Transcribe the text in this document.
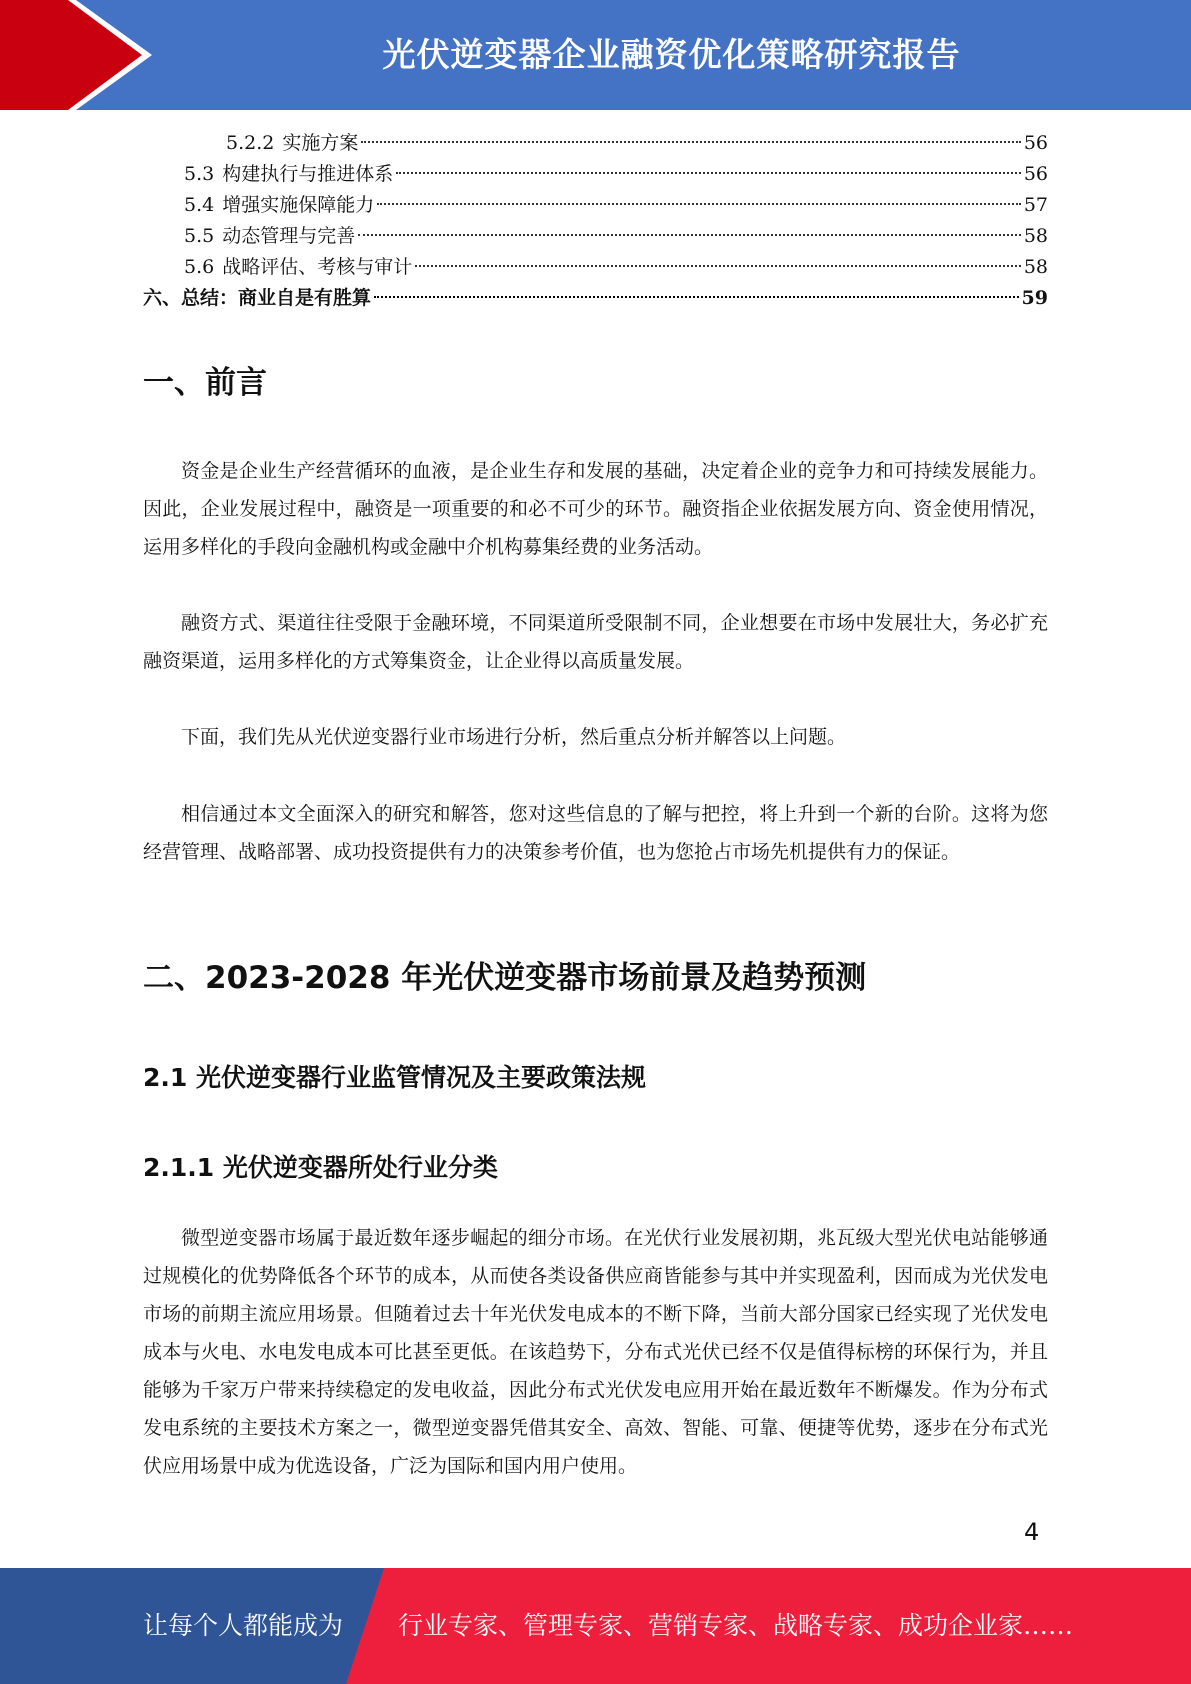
光伏逆变器企业融资优化策略研究报告
5.2.2 实施方案	56
5.3 构建执行与推进体系	56
5.4 增强实施保障能力	57
5.5 动态管理与完善	58
5.6 战略评估、考核与审计	58
六、总结：商业自是有胜算	59
一、前言

资金是企业生产经营循环的血液，是企业生存和发展的基础，决定着企业的竞争力和可持续发展能力。因此，企业发展过程中，融资是一项重要的和必不可少的环节。融资指企业依据发展方向、资金使用情况，运用多样化的手段向金融机构或金融中介机构募集经费的业务活动。

融资方式、渠道往往受限于金融环境，不同渠道所受限制不同，企业想要在市场中发展壮大，务必扩充融资渠道，运用多样化的方式筹集资金，让企业得以高质量发展。

下面，我们先从光伏逆变器行业市场进行分析，然后重点分析并解答以上问题。

相信通过本文全面深入的研究和解答，您对这些信息的了解与把控，将上升到一个新的台阶。这将为您经营管理、战略部署、成功投资提供有力的决策参考价值，也为您抢占市场先机提供有力的保证。

二、2023-2028 年光伏逆变器市场前景及趋势预测
2.1 光伏逆变器行业监管情况及主要政策法规
2.1.1 光伏逆变器所处行业分类

微型逆变器市场属于最近数年逐步崛起的细分市场。在光伏行业发展初期，兆瓦级大型光伏电站能够通过规模化的优势降低各个环节的成本，从而使各类设备供应商皆能参与其中并实现盈利，因而成为光伏发电市场的前期主流应用场景。但随着过去十年光伏发电成本的不断下降，当前大部分国家已经实现了光伏发电成本与火电、水电发电成本可比甚至更低。在该趋势下，分布式光伏已经不仅是值得标榜的环保行为，并且能够为千家万户带来持续稳定的发电收益，因此分布式光伏发电应用开始在最近数年不断爆发。作为分布式发电系统的主要技术方案之一，微型逆变器凭借其安全、高效、智能、可靠、便捷等优势，逐步在分布式光伏应用场景中成为优选设备，广泛为国际和国内用户使用。

4
让每个人都能成为 行业专家、管理专家、营销专家、战略专家、成功企业家……
